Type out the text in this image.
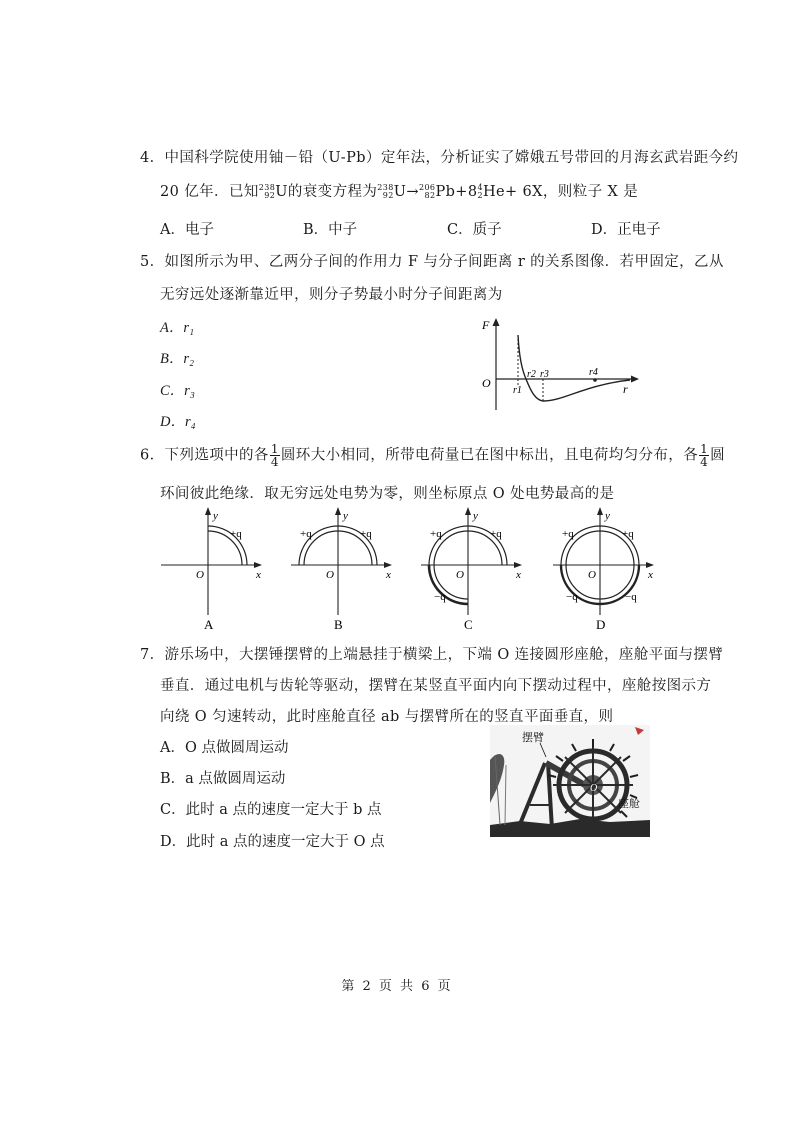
4．中国科学院使用铀－铅（U-Pb）定年法，分析证实了嫦娥五号带回的月海玄武岩距今约
20 亿年．已知 238
92 U的衰变方程为 238
92 U→ 206
82 Pb+8 4
2 He+ 6X，则粒子 X 是
A．电子	B．中子	C．质子	D．正电子
5．如图所示为甲、乙两分子间的作用力 F 与分子间距离 r 的关系图像．若甲固定，乙从
无穷远处逐渐靠近甲，则分子势最小时分子间距离为
A．r₁
B．r₂
C．r₃
D．r₄
F
r
O
r1
r2 r3	r4
6．下列选项中的各 $\frac{1}{4}$ 圆环大小相同，所带电荷量已在图中标出，且电荷均匀分布，各 $\frac{1}{4}$ 圆
环间彼此绝缘．取无穷远处电势为零，则坐标原点 O 处电势最高的是
y
x
O
+q
A
y
x
O
+q
+q
B
y
x
O
+q
+q
−q
C
y
x
O
+q
+q
−q	−q
D
7．游乐场中，大摆锤摆臂的上端悬挂于横梁上，下端 O 连接圆形座舱，座舱平面与摆臂
垂直．通过电机与齿轮等驱动，摆臂在某竖直平面内向下摆动过程中，座舱按图示方
向绕 O 匀速转动，此时座舱直径 ab 与摆臂所在的竖直平面垂直，则
A．O 点做圆周运动
B．a 点做圆周运动
C．此时 a 点的速度一定大于 b 点
D．此时 a 点的速度一定大于 O 点
摆臂
O
座舱
第 2 页 共 6 页
